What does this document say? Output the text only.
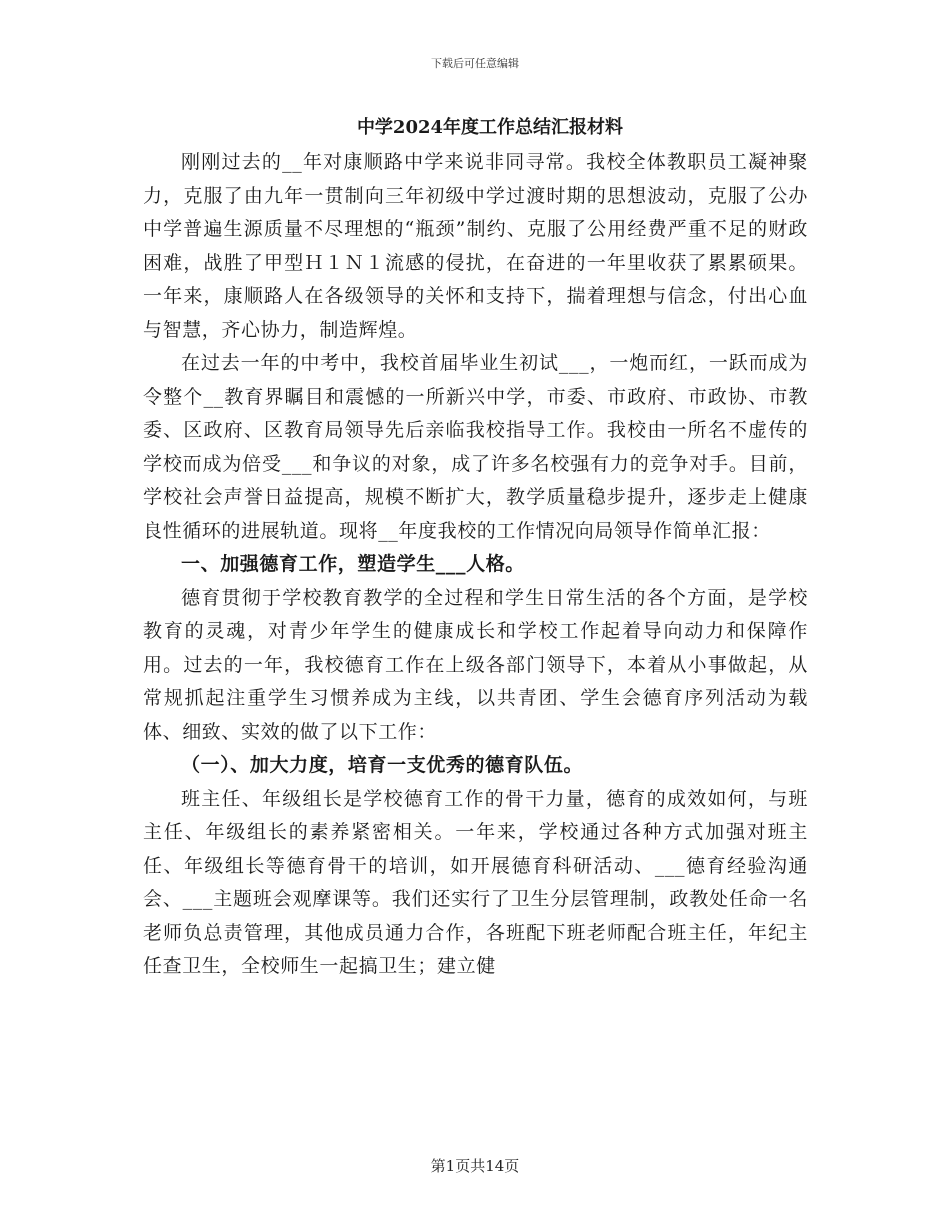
下载后可任意编辑
中学2024年度工作总结汇报材料

刚刚过去的__年对康顺路中学来说非同寻常。我校全体教职员工凝神聚力，克服了由九年一贯制向三年初级中学过渡时期的思想波动，克服了公办中学普遍生源质量不尽理想的“瓶颈”制约、克服了公用经费严重不足的财政困难，战胜了甲型Ｈ１Ｎ１流感的侵扰，在奋进的一年里收获了累累硕果。一年来，康顺路人在各级领导的关怀和支持下，揣着理想与信念，付出心血与智慧，齐心协力，制造辉煌。

在过去一年的中考中，我校首届毕业生初试___，一炮而红，一跃而成为令整个__教育界瞩目和震憾的一所新兴中学，市委、市政府、市政协、市教委、区政府、区教育局领导先后亲临我校指导工作。我校由一所名不虚传的学校而成为倍受___和争议的对象，成了许多名校强有力的竞争对手。目前，学校社会声誉日益提高，规模不断扩大，教学质量稳步提升，逐步走上健康良性循环的进展轨道。现将__年度我校的工作情况向局领导作简单汇报：

一、加强德育工作，塑造学生___人格。

德育贯彻于学校教育教学的全过程和学生日常生活的各个方面，是学校教育的灵魂，对青少年学生的健康成长和学校工作起着导向动力和保障作用。过去的一年，我校德育工作在上级各部门领导下，本着从小事做起，从常规抓起注重学生习惯养成为主线，以共青团、学生会德育序列活动为载体、细致、实效的做了以下工作：

（一）、加大力度，培育一支优秀的德育队伍。

班主任、年级组长是学校德育工作的骨干力量，德育的成效如何，与班主任、年级组长的素养紧密相关。一年来，学校通过各种方式加强对班主任、年级组长等德育骨干的培训，如开展德育科研活动、___德育经验沟通会、___主题班会观摩课等。我们还实行了卫生分层管理制，政教处任命一名老师负总责管理，其他成员通力合作，各班配下班老师配合班主任，年纪主任查卫生，全校师生一起搞卫生；建立健

第1页共14页
